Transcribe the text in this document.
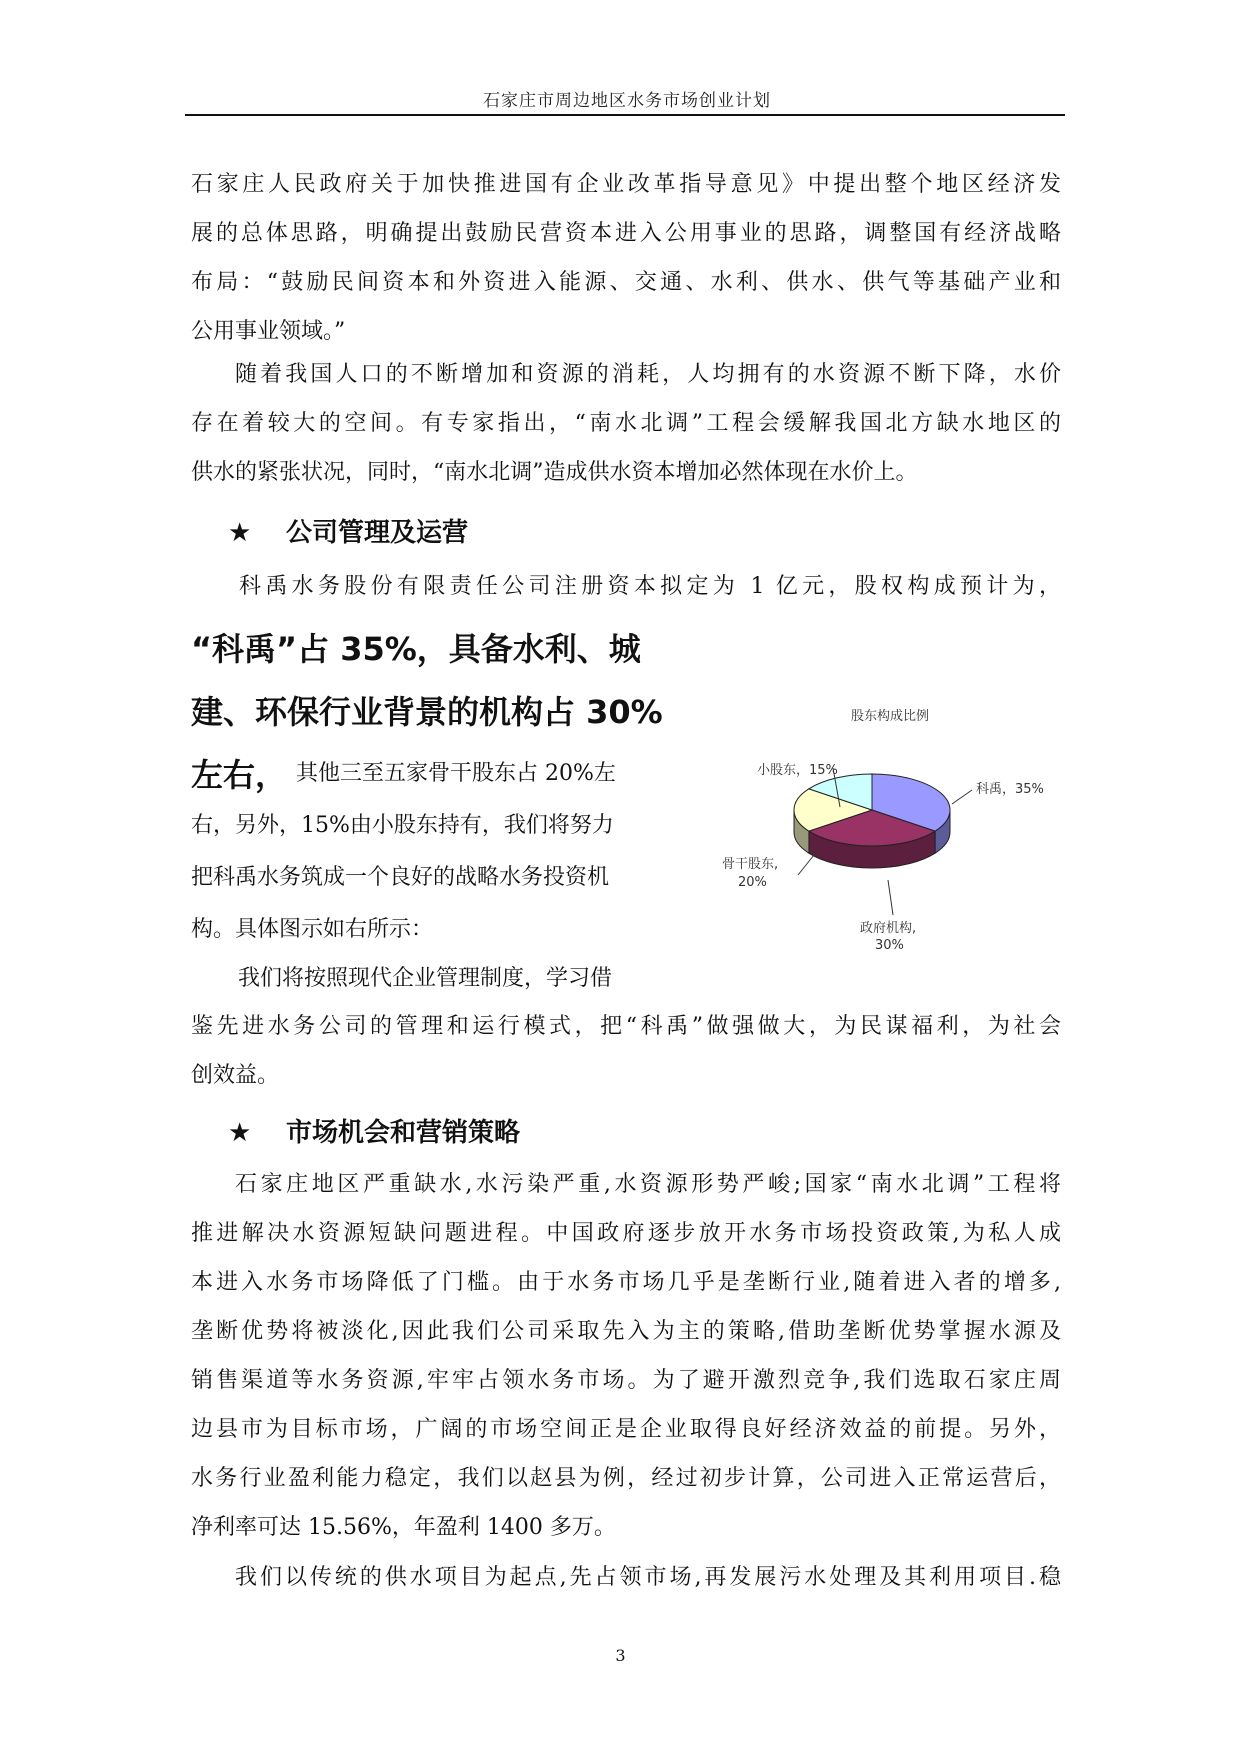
石家庄市周边地区水务市场创业计划
石家庄人民政府关于加快推进国有企业改革指导意见》中提出整个地区经济发
展的总体思路，明确提出鼓励民营资本进入公用事业的思路，调整国有经济战略
布局：“鼓励民间资本和外资进入能源、交通、水利、供水、供气等基础产业和
公用事业领域。”
随着我国人口的不断增加和资源的消耗，人均拥有的水资源不断下降，水价
存在着较大的空间。有专家指出，“南水北调”工程会缓解我国北方缺水地区的
供水的紧张状况，同时，“南水北调”造成供水资本增加必然体现在水价上。
★ 公司管理及运营
科禹水务股份有限责任公司注册资本拟定为 1 亿元，股权构成预计为，
“科禹”占 35%，具备水利、城
建、环保行业背景的机构占 30%
左右， 其他三至五家骨干股东占 20%左
右，另外，15%由小股东持有，我们将努力
把科禹水务筑成一个良好的战略水务投资机
构。具体图示如右所示：
我们将按照现代企业管理制度，学习借
鉴先进水务公司的管理和运行模式，把“科禹”做强做大，为民谋福利，为社会
创效益。
★ 市场机会和营销策略
石家庄地区严重缺水,水污染严重,水资源形势严峻;国家“南水北调”工程将
推进解决水资源短缺问题进程。中国政府逐步放开水务市场投资政策,为私人成
本进入水务市场降低了门槛。由于水务市场几乎是垄断行业,随着进入者的增多,
垄断优势将被淡化,因此我们公司采取先入为主的策略,借助垄断优势掌握水源及
销售渠道等水务资源,牢牢占领水务市场。为了避开激烈竞争,我们选取石家庄周
边县市为目标市场，广阔的市场空间正是企业取得良好经济效益的前提。另外，
水务行业盈利能力稳定，我们以赵县为例，经过初步计算，公司进入正常运营后，
净利率可达 15.56%，年盈利 1400 多万。
我们以传统的供水项目为起点,先占领市场,再发展污水处理及其利用项目.稳
股东构成比例
小股东，15%
科禹，35%
骨干股东,
20%
政府机构,
30%
3
